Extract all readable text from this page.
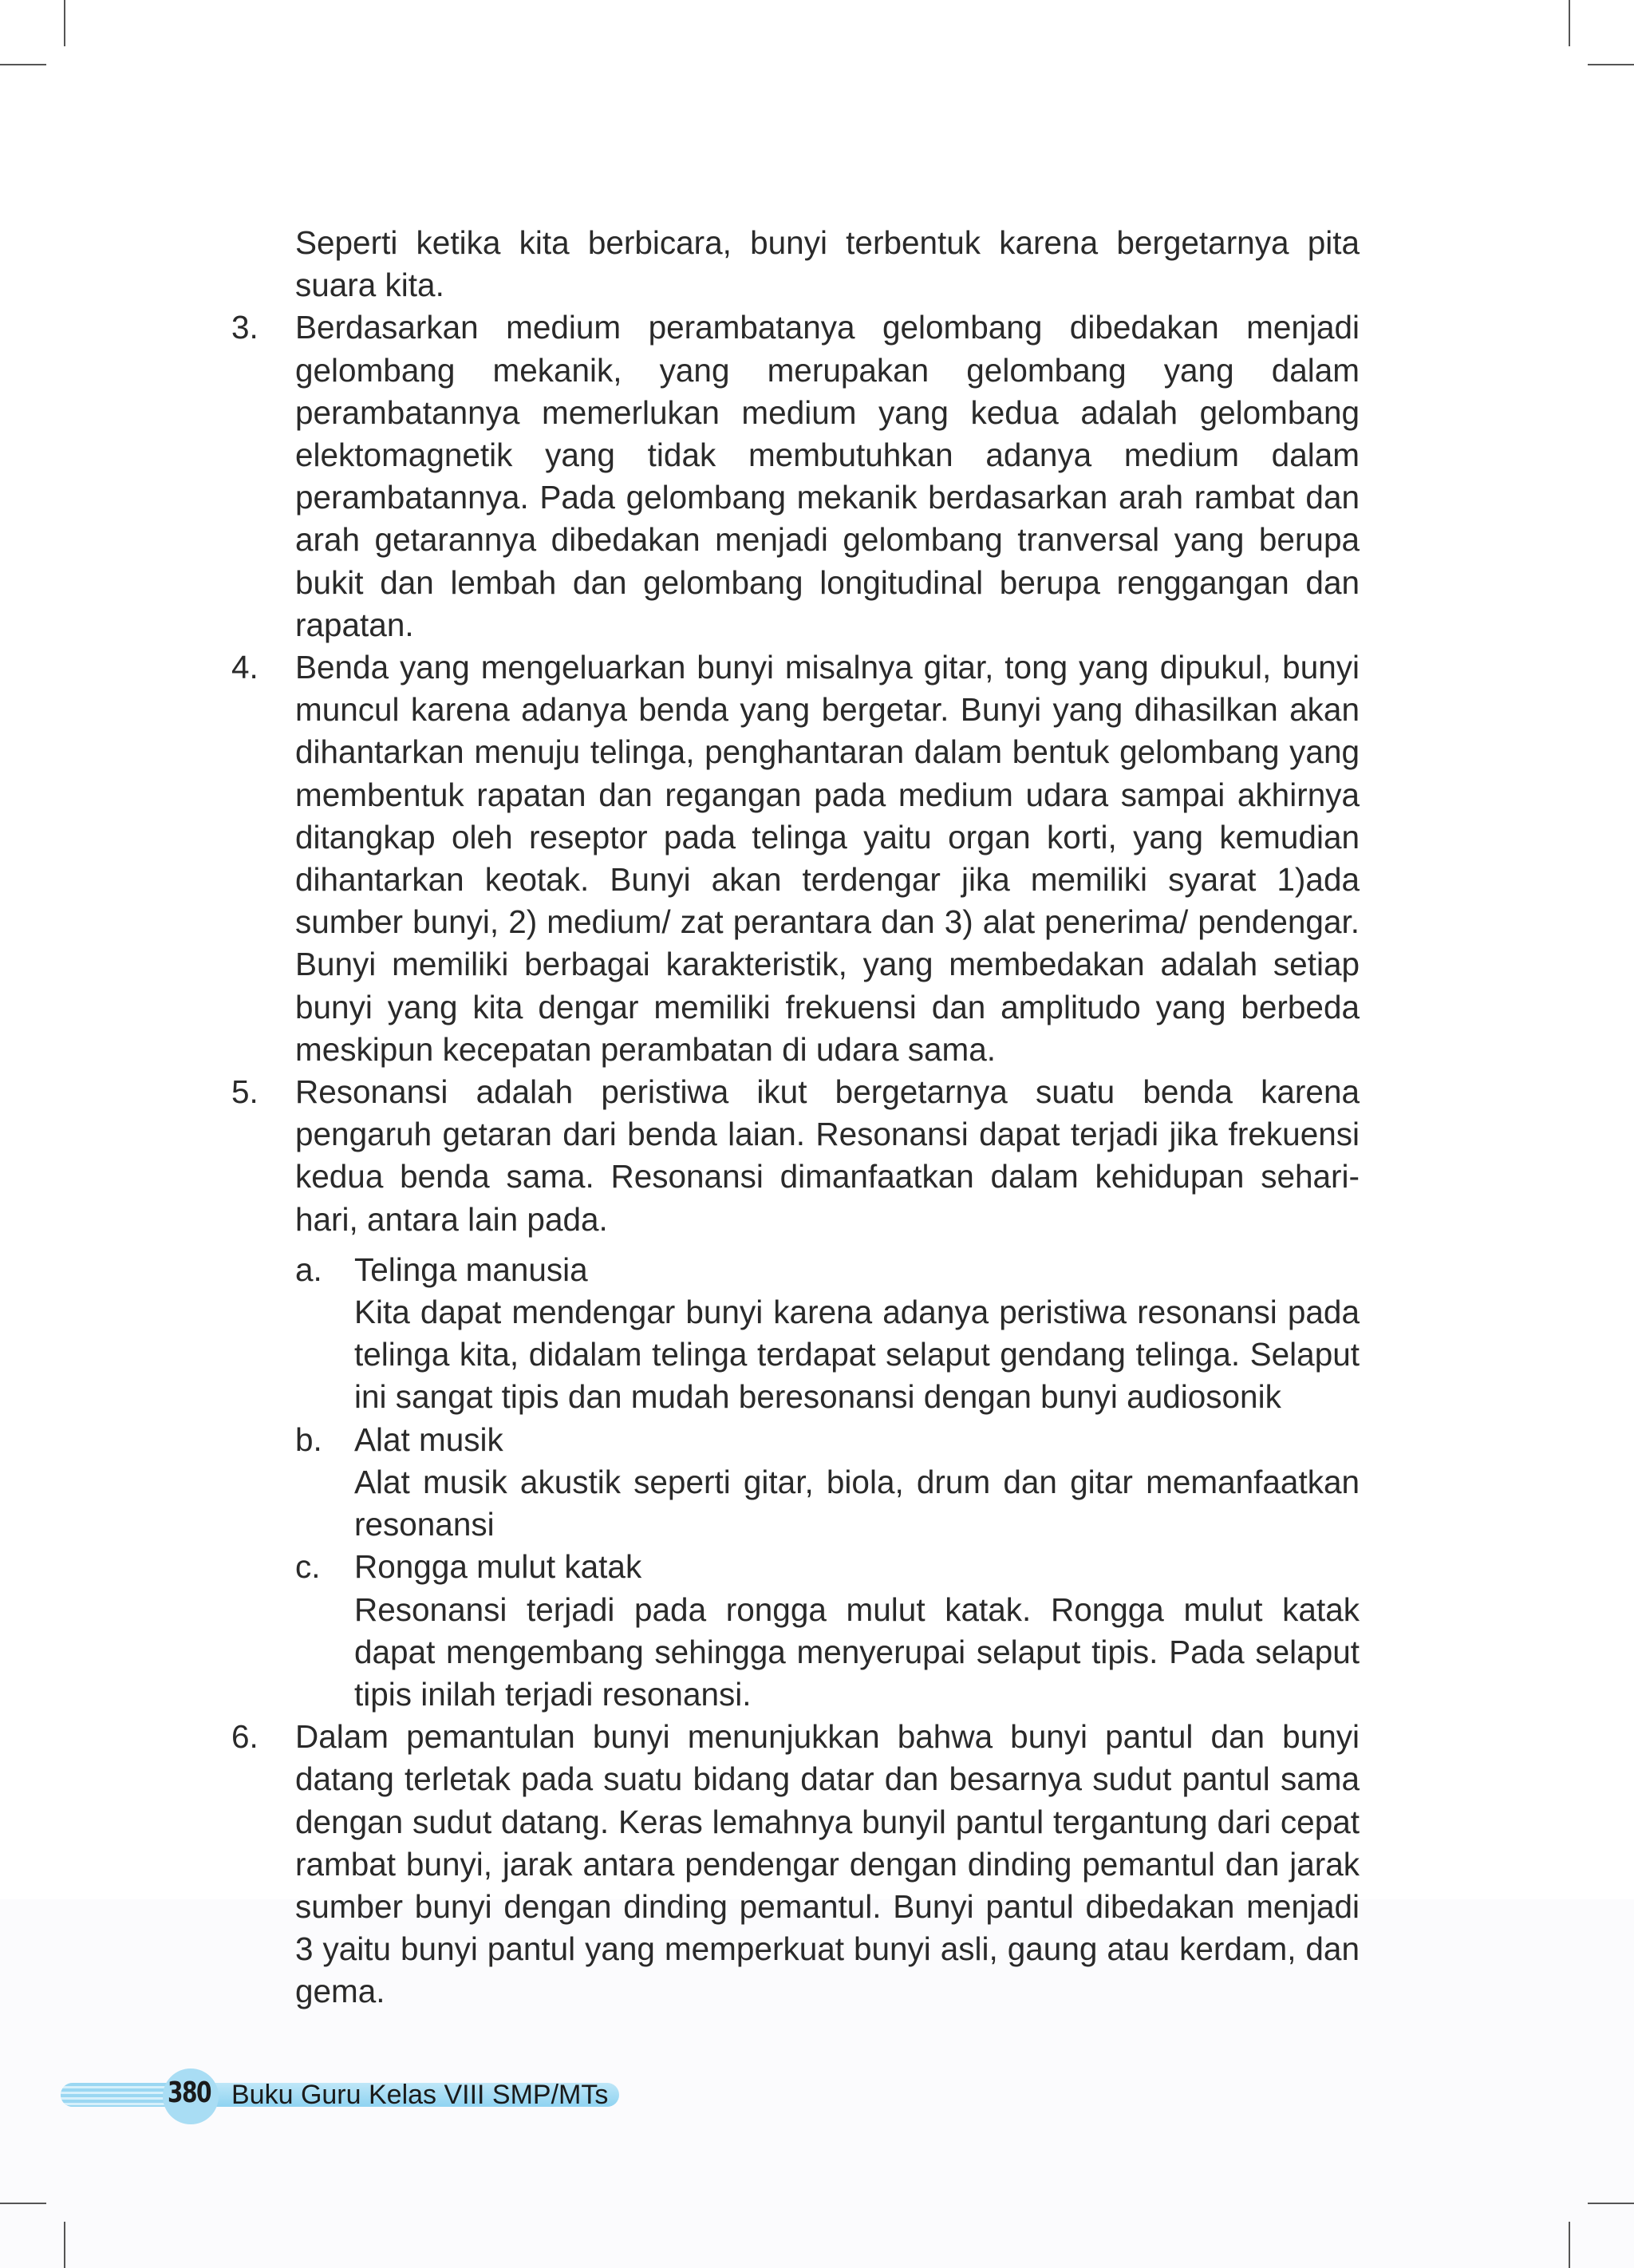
Seperti ketika kita berbicara, bunyi terbentuk karena bergetarnya pita suara kita.

3.	Berdasarkan medium perambatanya gelombang dibedakan menjadi gelombang mekanik, yang merupakan gelombang yang dalam perambatannya memerlukan medium yang kedua adalah gelombang elektomagnetik yang tidak membutuhkan adanya medium dalam perambatannya. Pada gelombang mekanik berdasarkan arah rambat dan arah getarannya dibedakan menjadi gelombang tranversal yang berupa bukit dan lembah dan gelombang longitudinal berupa renggangan dan rapatan.
4.	Benda yang mengeluarkan bunyi misalnya gitar, tong yang dipukul, bunyi muncul karena adanya benda yang bergetar. Bunyi yang dihasilkan akan dihantarkan menuju telinga, penghantaran dalam bentuk gelombang yang membentuk rapatan dan regangan pada medium udara sampai akhirnya ditangkap oleh reseptor pada telinga yaitu organ korti, yang kemudian dihantarkan keotak. Bunyi akan terdengar jika memiliki syarat 1)ada sumber bunyi, 2) medium/ zat perantara dan 3) alat penerima/ pendengar. Bunyi memiliki berbagai karakteristik, yang membedakan adalah setiap bunyi yang kita dengar memiliki frekuensi dan amplitudo yang berbeda meskipun kecepatan perambatan di udara sama.
5.	Resonansi adalah peristiwa ikut bergetarnya suatu benda karena pengaruh getaran dari benda laian. Resonansi dapat terjadi jika frekuensi kedua benda sama. Resonansi dimanfaatkan dalam kehidupan sehari-hari, antara lain pada.
a. Telinga manusia
Kita dapat mendengar bunyi karena adanya peristiwa resonansi pada telinga kita, didalam telinga terdapat selaput gendang telinga. Selaput ini sangat tipis dan mudah beresonansi dengan bunyi audiosonik
b. Alat musik
Alat musik akustik seperti gitar, biola, drum dan gitar memanfaatkan resonansi
c. Rongga mulut katak
Resonansi terjadi pada rongga mulut katak. Rongga mulut katak dapat mengembang sehingga menyerupai selaput tipis. Pada selaput tipis inilah terjadi resonansi.
6.	Dalam pemantulan bunyi menunjukkan bahwa bunyi pantul dan bunyi datang terletak pada suatu bidang datar dan besarnya sudut pantul sama dengan sudut datang. Keras lemahnya bunyil pantul tergantung dari cepat rambat bunyi, jarak antara pendengar dengan dinding pemantul dan jarak sumber bunyi dengan dinding pemantul. Bunyi pantul dibedakan menjadi 3 yaitu bunyi pantul yang memperkuat bunyi asli, gaung atau kerdam, dan gema.
380 Buku Guru Kelas VIII SMP/MTs
